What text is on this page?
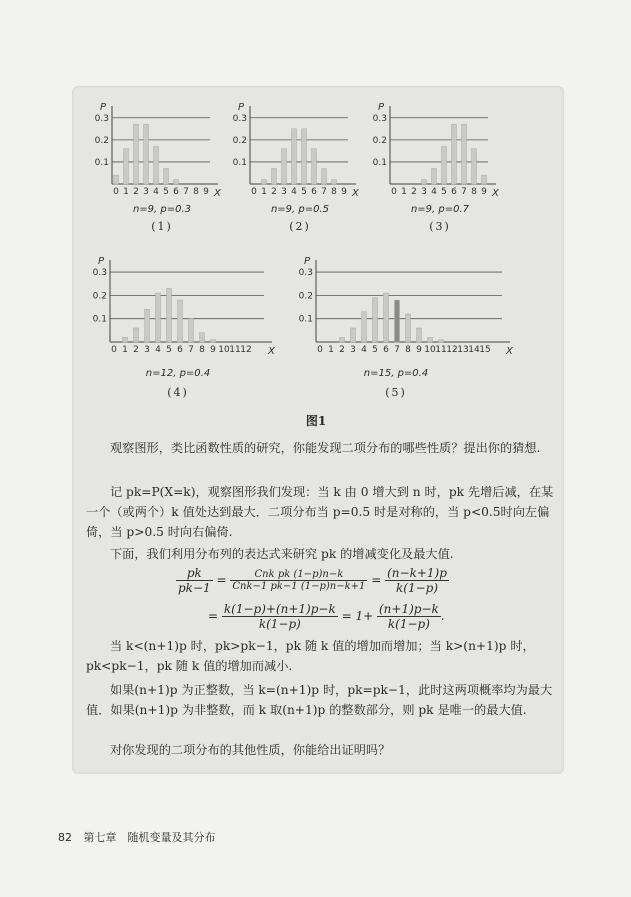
0.3
0.2
0.1
P
X
0 1 2 3 4 5 6 7 8 9
n=9, p=0.3
(1)
0.3
0.2
0.1
P
X
0 1 2 3 4 5 6 7 8 9
n=9, p=0.5
(2)
0.3
0.2
0.1
P
X
0 1 2 3 4 5 6 7 8 9
n=9, p=0.7
(3)
0.3
0.2
0.1
P
X
0 1 2 3 4 5 6 7 8 9 10 11 12
n=12, p=0.4
(4)
0.3
0.2
0.1
P
X
0 1 2 3 4 5 6 7 8 9 10 11 12 13 14 15
n=15, p=0.4
(5)
图1
观察图形，类比函数性质的研究，你能发现二项分布的哪些性质？提出你的猜想.
记 pk=P(X=k)，观察图形我们发现：当 k 由 0 增大到 n 时，pk 先增后减，在某一个（或两个）k 值处达到最大．二项分布当 p=0.5 时是对称的，当 p<0.5时向左偏倚，当 p>0.5 时向右偏倚.
下面，我们利用分布列的表达式来研究 pk 的增减变化及最大值.
$\frac{pk}{pk-1} = \frac{\text{Cnk pk (1−p)n−k}}{\text{Cnk−1 pk−1 (1−p)n−k+1}} = \frac{(n-k+1)p}{k(1-p)}$
= $\frac{k(1-p)+(n+1)p-k}{k(1-p)} = 1+ \frac{(n+1)p-k}{k(1-p)}$ .
当 k<(n+1)p 时，pk>pk−1，pk 随 k 值的增加而增加；当 k>(n+1)p 时，pk<pk−1，pk 随 k 值的增加而减小.
如果(n+1)p 为正整数，当 k=(n+1)p 时，pk=pk−1，此时这两项概率均为最大值．如果(n+1)p 为非整数，而 k 取(n+1)p 的整数部分，则 pk 是唯一的最大值.
对你发现的二项分布的其他性质，你能给出证明吗？
82 第七章　随机变量及其分布
